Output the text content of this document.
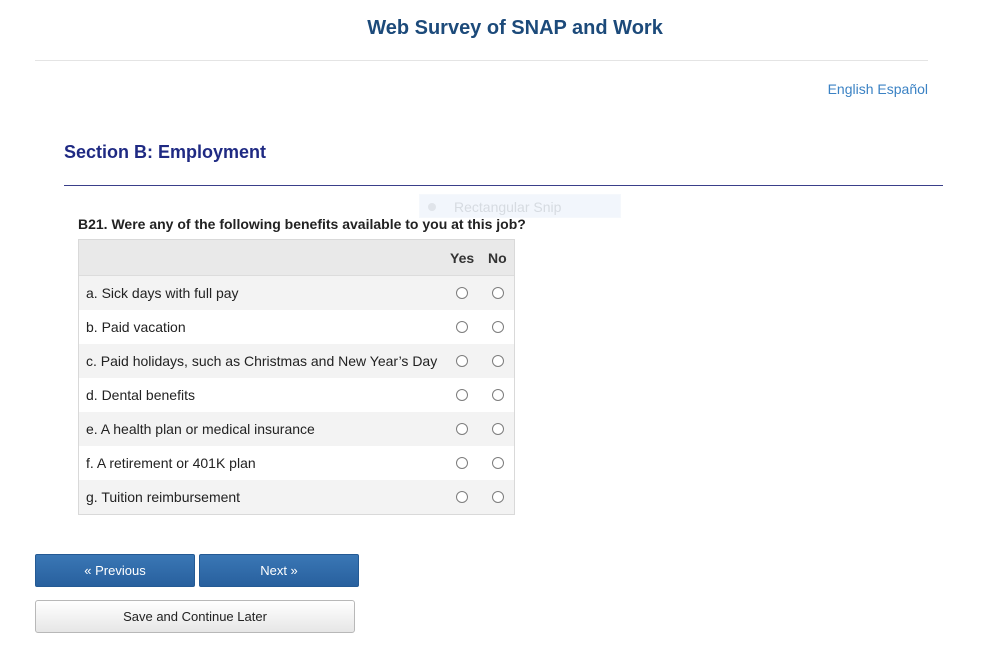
Web Survey of SNAP and Work
English Español
Section B: Employment
Rectangular Snip
B21. Were any of the following benefits available to you at this job?
Yes No
a. Sick days with full pay
b. Paid vacation
c. Paid holidays, such as Christmas and New Year’s Day
d. Dental benefits
e. A health plan or medical insurance
f. A retirement or 401K plan
g. Tuition reimbursement
« Previous	Next »
Save and Continue Later
